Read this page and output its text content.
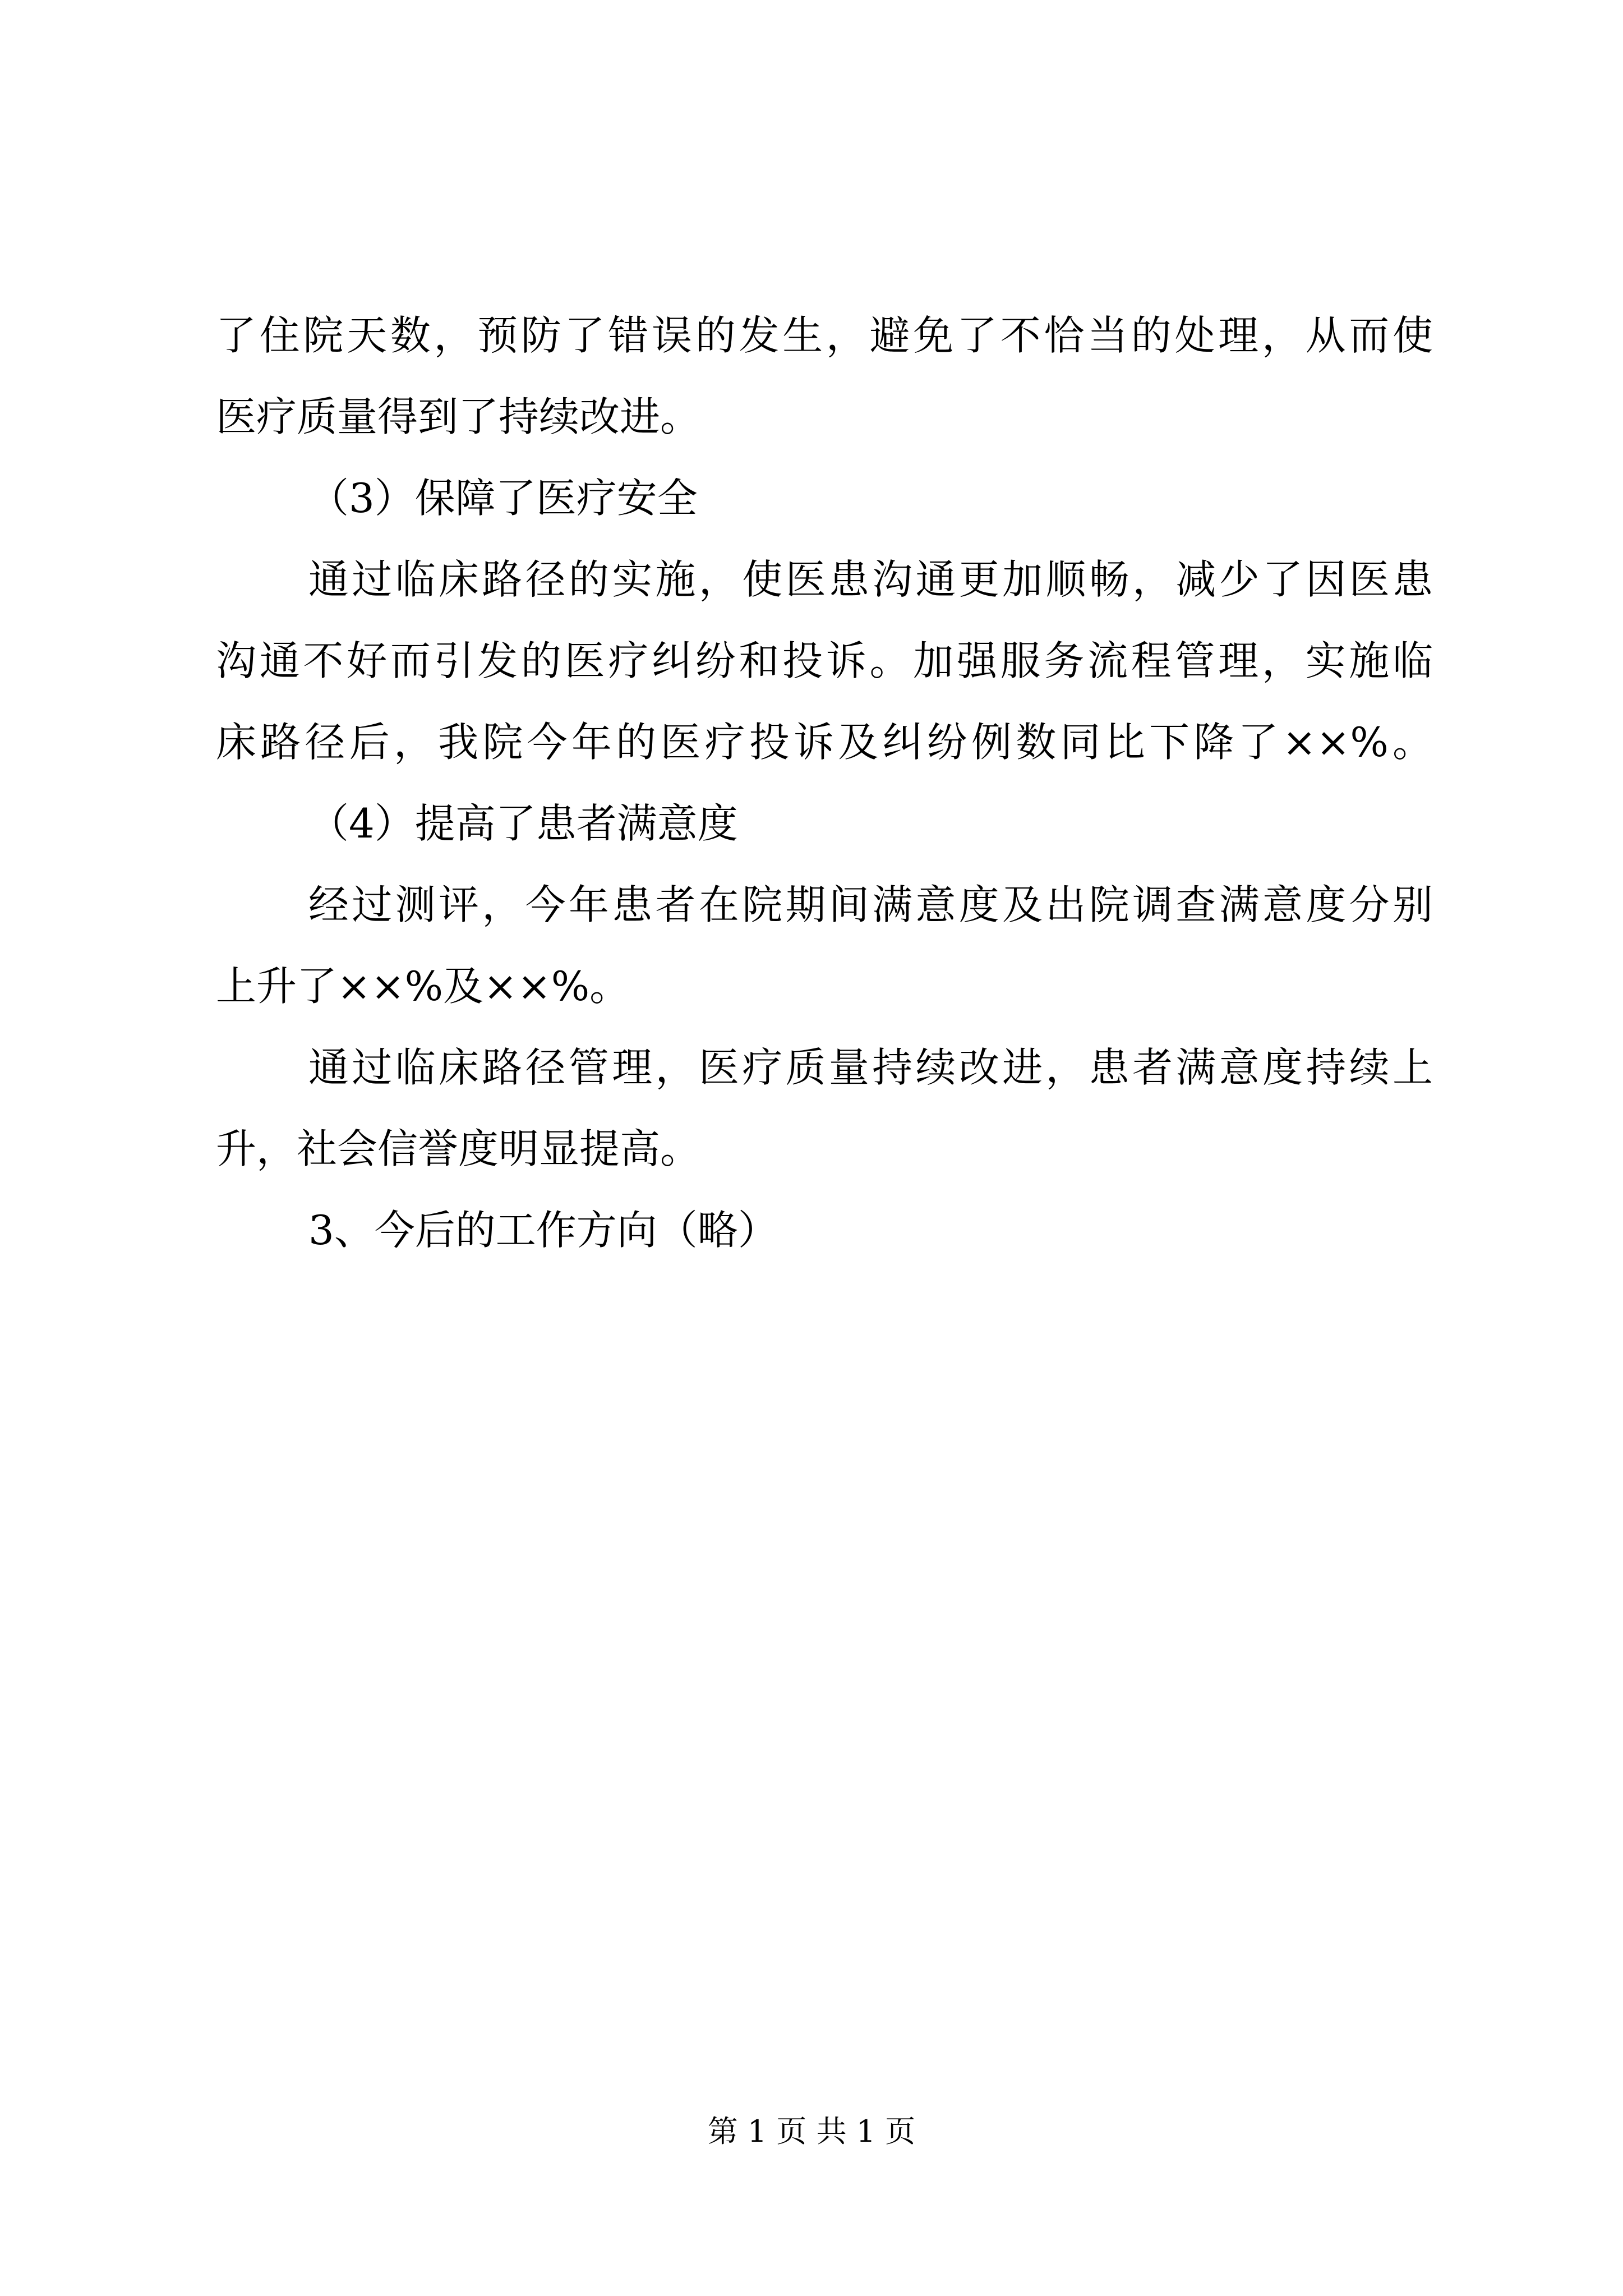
了住院天数，预防了错误的发生，避免了不恰当的处理，从而使
医疗质量得到了持续改进。
（3）保障了医疗安全
通过临床路径的实施，使医患沟通更加顺畅，减少了因医患
沟通不好而引发的医疗纠纷和投诉。加强服务流程管理，实施临
床路径后，我院今年的医疗投诉及纠纷例数同比下降了××%。
（4）提高了患者满意度
经过测评，今年患者在院期间满意度及出院调查满意度分别
上升了××%及××%。
通过临床路径管理，医疗质量持续改进，患者满意度持续上
升，社会信誉度明显提高。
3、今后的工作方向（略）
第 1 页 共 1 页
